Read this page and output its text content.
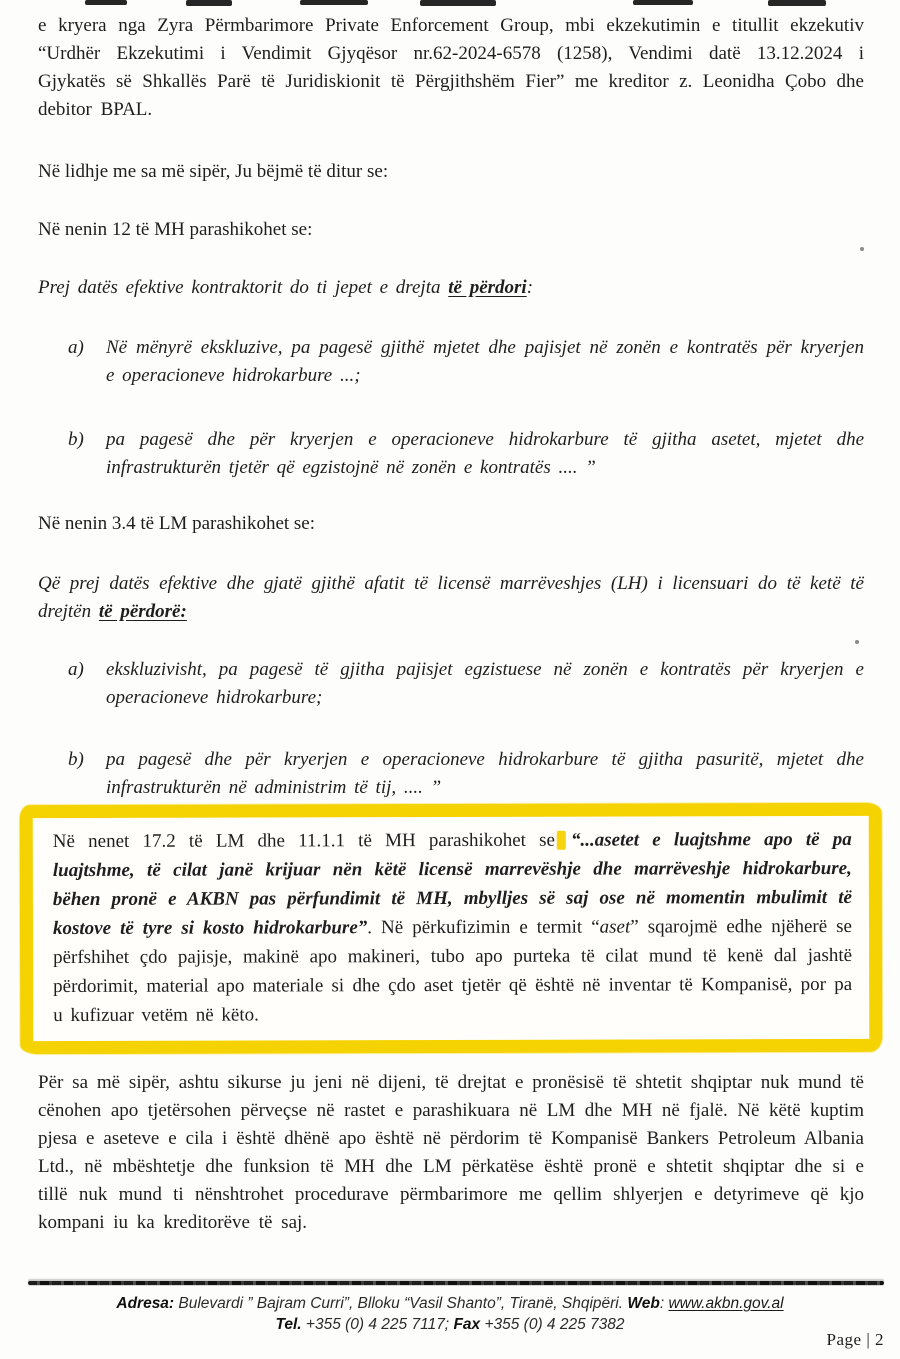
e kryera nga Zyra Përmbarimore Private Enforcement Group, mbi ekzekutimin e titullit ekzekutiv “Urdhër Ekzekutimi i Vendimit Gjyqësor nr.62-2024-6578 (1258), Vendimi datë 13.12.2024 i Gjykatës së Shkallës Parë të Juridiskionit të Përgjithshëm Fier” me kreditor z. Leonidha Çobo dhe debitor BPAL.

Në lidhje me sa më sipër, Ju bëjmë të ditur se:

Në nenin 12 të MH parashikohet se:

Prej datës efektive kontraktorit do ti jepet e drejta të përdori:

a)	Në mënyrë ekskluzive, pa pagesë gjithë mjetet dhe pajisjet në zonën e kontratës për kryerjen e operacioneve hidrokarbure ...;
b)	pa pagesë dhe për kryerjen e operacioneve hidrokarbure të gjitha asetet, mjetet dhe infrastrukturën tjetër që egzistojnë në zonën e kontratës .... ”

Në nenin 3.4 të LM parashikohet se:

Që prej datës efektive dhe gjatë gjithë afatit të licensë marrëveshjes (LH) i licensuari do të ketë të drejtën të përdorë:

a)	ekskluzivisht, pa pagesë të gjitha pajisjet egzistuese në zonën e kontratës për kryerjen e operacioneve hidrokarbure;
b)	pa pagesë dhe për kryerjen e operacioneve hidrokarbure të gjitha pasuritë, mjetet dhe infrastrukturën në administrim të tij, .... ”

Në nenet 17.2 të LM dhe 11.1.1 të MH parashikohet se “...asetet e luajtshme apo të pa luajtshme, të cilat janë krijuar nën këtë licensë marrevëshje dhe marrëveshje hidrokarbure, bëhen pronë e AKBN pas përfundimit të MH, mbylljes së saj ose në momentin mbulimit të kostove të tyre si kosto hidrokarbure”. Në përkufizimin e termit “aset” sqarojmë edhe njëherë se përfshihet çdo pajisje, makinë apo makineri, tubo apo purteka të cilat mund të kenë dal jashtë përdorimit, material apo materiale si dhe çdo aset tjetër që është në inventar të Kompanisë, por pa u kufizuar vetëm në këto.

Për sa më sipër, ashtu sikurse ju jeni në dijeni, të drejtat e pronësisë të shtetit shqiptar nuk mund të cënohen apo tjetërsohen përveçse në rastet e parashikuara në LM dhe MH në fjalë. Në këtë kuptim pjesa e aseteve e cila i është dhënë apo është në përdorim të Kompanisë Bankers Petroleum Albania Ltd., në mbështetje dhe funksion të MH dhe LM përkatëse është pronë e shtetit shqiptar dhe si e tillë nuk mund ti nënshtrohet procedurave përmbarimore me qellim shlyerjen e detyrimeve që kjo kompani iu ka kreditorëve të saj.

Adresa: Bulevardi ” Bajram Curri”, Blloku “Vasil Shanto”, Tiranë, Shqipëri. Web: www.akbn.gov.al
Tel. +355 (0) 4 225 7117; Fax +355 (0) 4 225 7382
Page | 2
